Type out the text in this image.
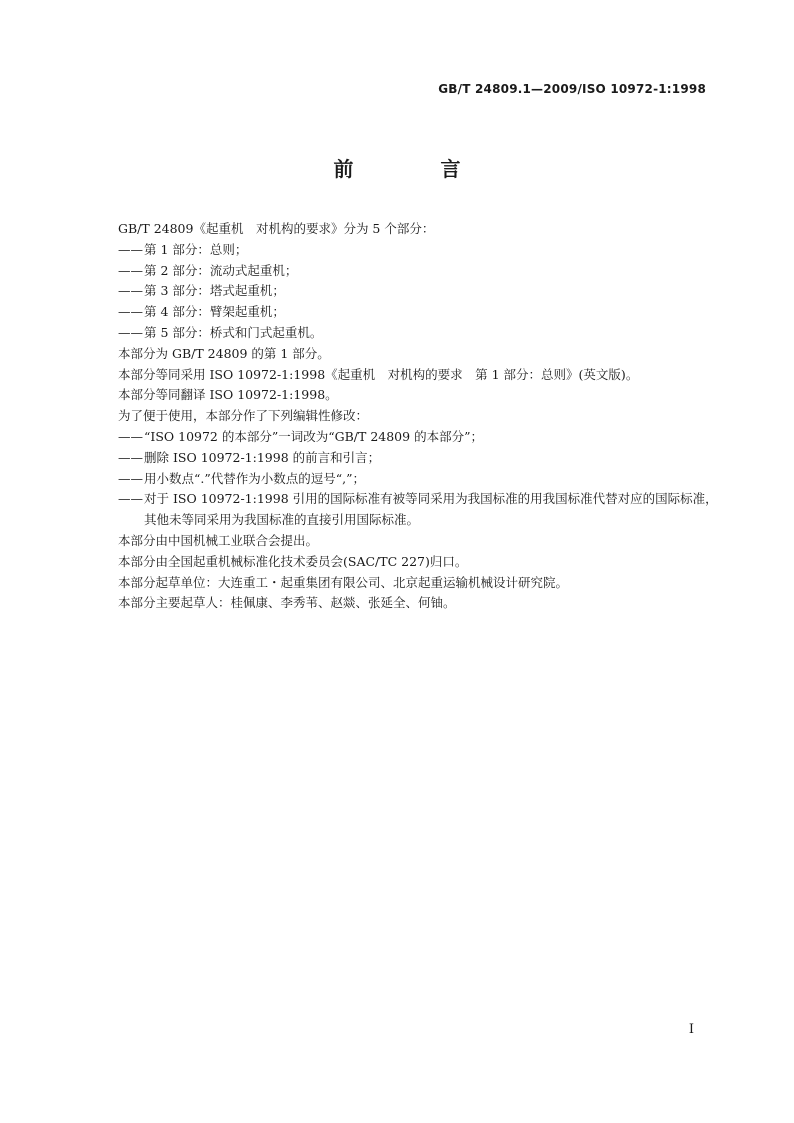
GB/T 24809.1—2009/ISO 10972-1:1998
前 言
GB/T 24809《起重机　对机构的要求》分为 5 个部分：
—— 第 1 部分：总则；
—— 第 2 部分：流动式起重机；
—— 第 3 部分：塔式起重机；
—— 第 4 部分：臂架起重机；
—— 第 5 部分：桥式和门式起重机。
本部分为 GB/T 24809 的第 1 部分。
本部分等同采用 ISO 10972-1:1998《起重机　对机构的要求　第 1 部分：总则》(英文版)。
本部分等同翻译 ISO 10972-1:1998。
为了便于使用，本部分作了下列编辑性修改：
—— “ISO 10972 的本部分”一词改为“GB/T 24809 的本部分”；
—— 删除 ISO 10972-1:1998 的前言和引言；
—— 用小数点“.”代替作为小数点的逗号“,”；
—— 对于 ISO 10972-1:1998 引用的国际标准有被等同采用为我国标准的用我国标准代替对应的国际标准，其他未等同采用为我国标准的直接引用国际标准。
本部分由中国机械工业联合会提出。
本部分由全国起重机械标准化技术委员会(SAC/TC 227)归口。
本部分起草单位：大连重工・起重集团有限公司、北京起重运输机械设计研究院。
本部分主要起草人：桂佩康、李秀苇、赵燚、张延全、何铀。
I
